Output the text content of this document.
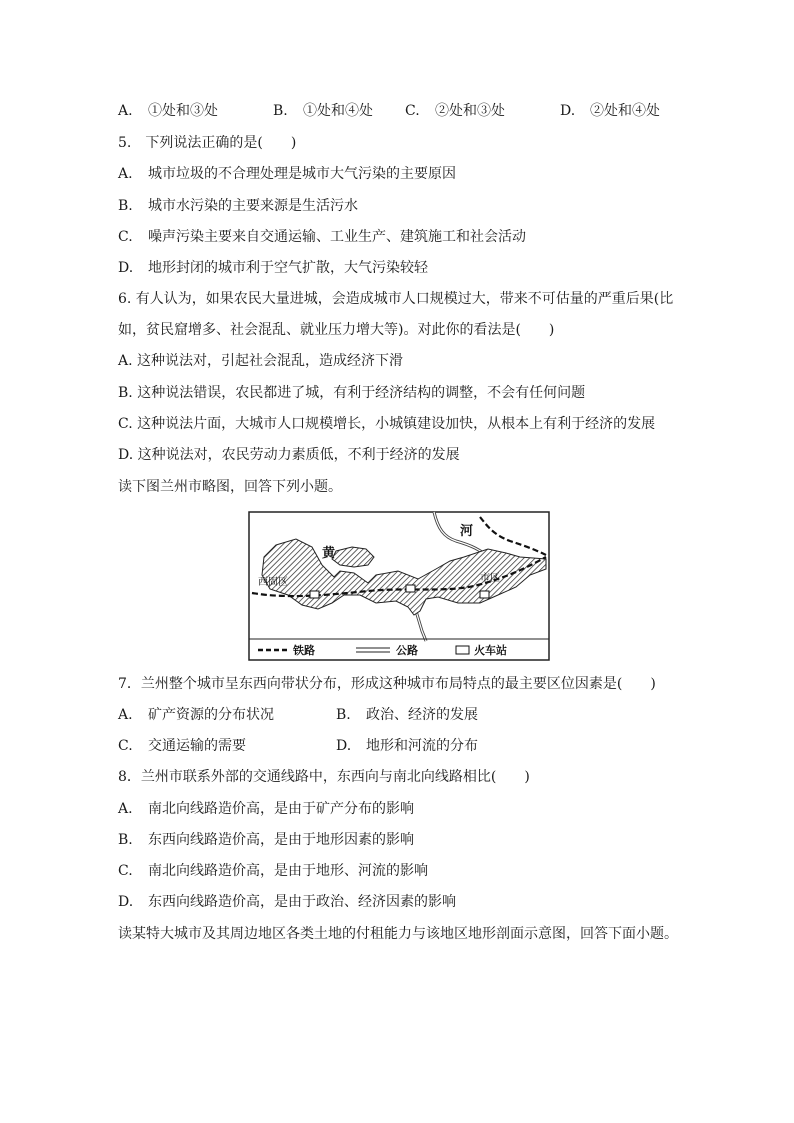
A. ①处和③处	B. ①处和④处 C. ②处和③处	D. ②处和④处
5.　下列说法正确的是(　　)
A. 城市垃圾的不合理处理是城市大气污染的主要原因
B. 城市水污染的主要来源是生活污水
C. 噪声污染主要来自交通运输、工业生产、建筑施工和社会活动
D. 地形封闭的城市利于空气扩散，大气污染较轻
6. 有人认为，如果农民大量进城，会造成城市人口规模过大，带来不可估量的严重后果(比
如，贫民窟增多、社会混乱、就业压力增大等)。对此你的看法是(　　)
A. 这种说法对，引起社会混乱，造成经济下滑
B. 这种说法错误，农民都进了城，有利于经济结构的调整，不会有任何问题
C. 这种说法片面，大城市人口规模增长，小城镇建设加快，从根本上有利于经济的发展
D. 这种说法对，农民劳动力素质低，不利于经济的发展
读下图兰州市略图，回答下列小题。
黄
河
西固区	市区
铁路	公路	火车站
7．兰州整个城市呈东西向带状分布，形成这种城市布局特点的最主要区位因素是(　　)
A. 矿产资源的分布状况	B. 政治、经济的发展
C. 交通运输的需要	D. 地形和河流的分布
8．兰州市联系外部的交通线路中，东西向与南北向线路相比(　　)
A. 南北向线路造价高，是由于矿产分布的影响
B. 东西向线路造价高，是由于地形因素的影响
C. 南北向线路造价高，是由于地形、河流的影响
D. 东西向线路造价高，是由于政治、经济因素的影响
读某特大城市及其周边地区各类土地的付租能力与该地区地形剖面示意图，回答下面小题。
